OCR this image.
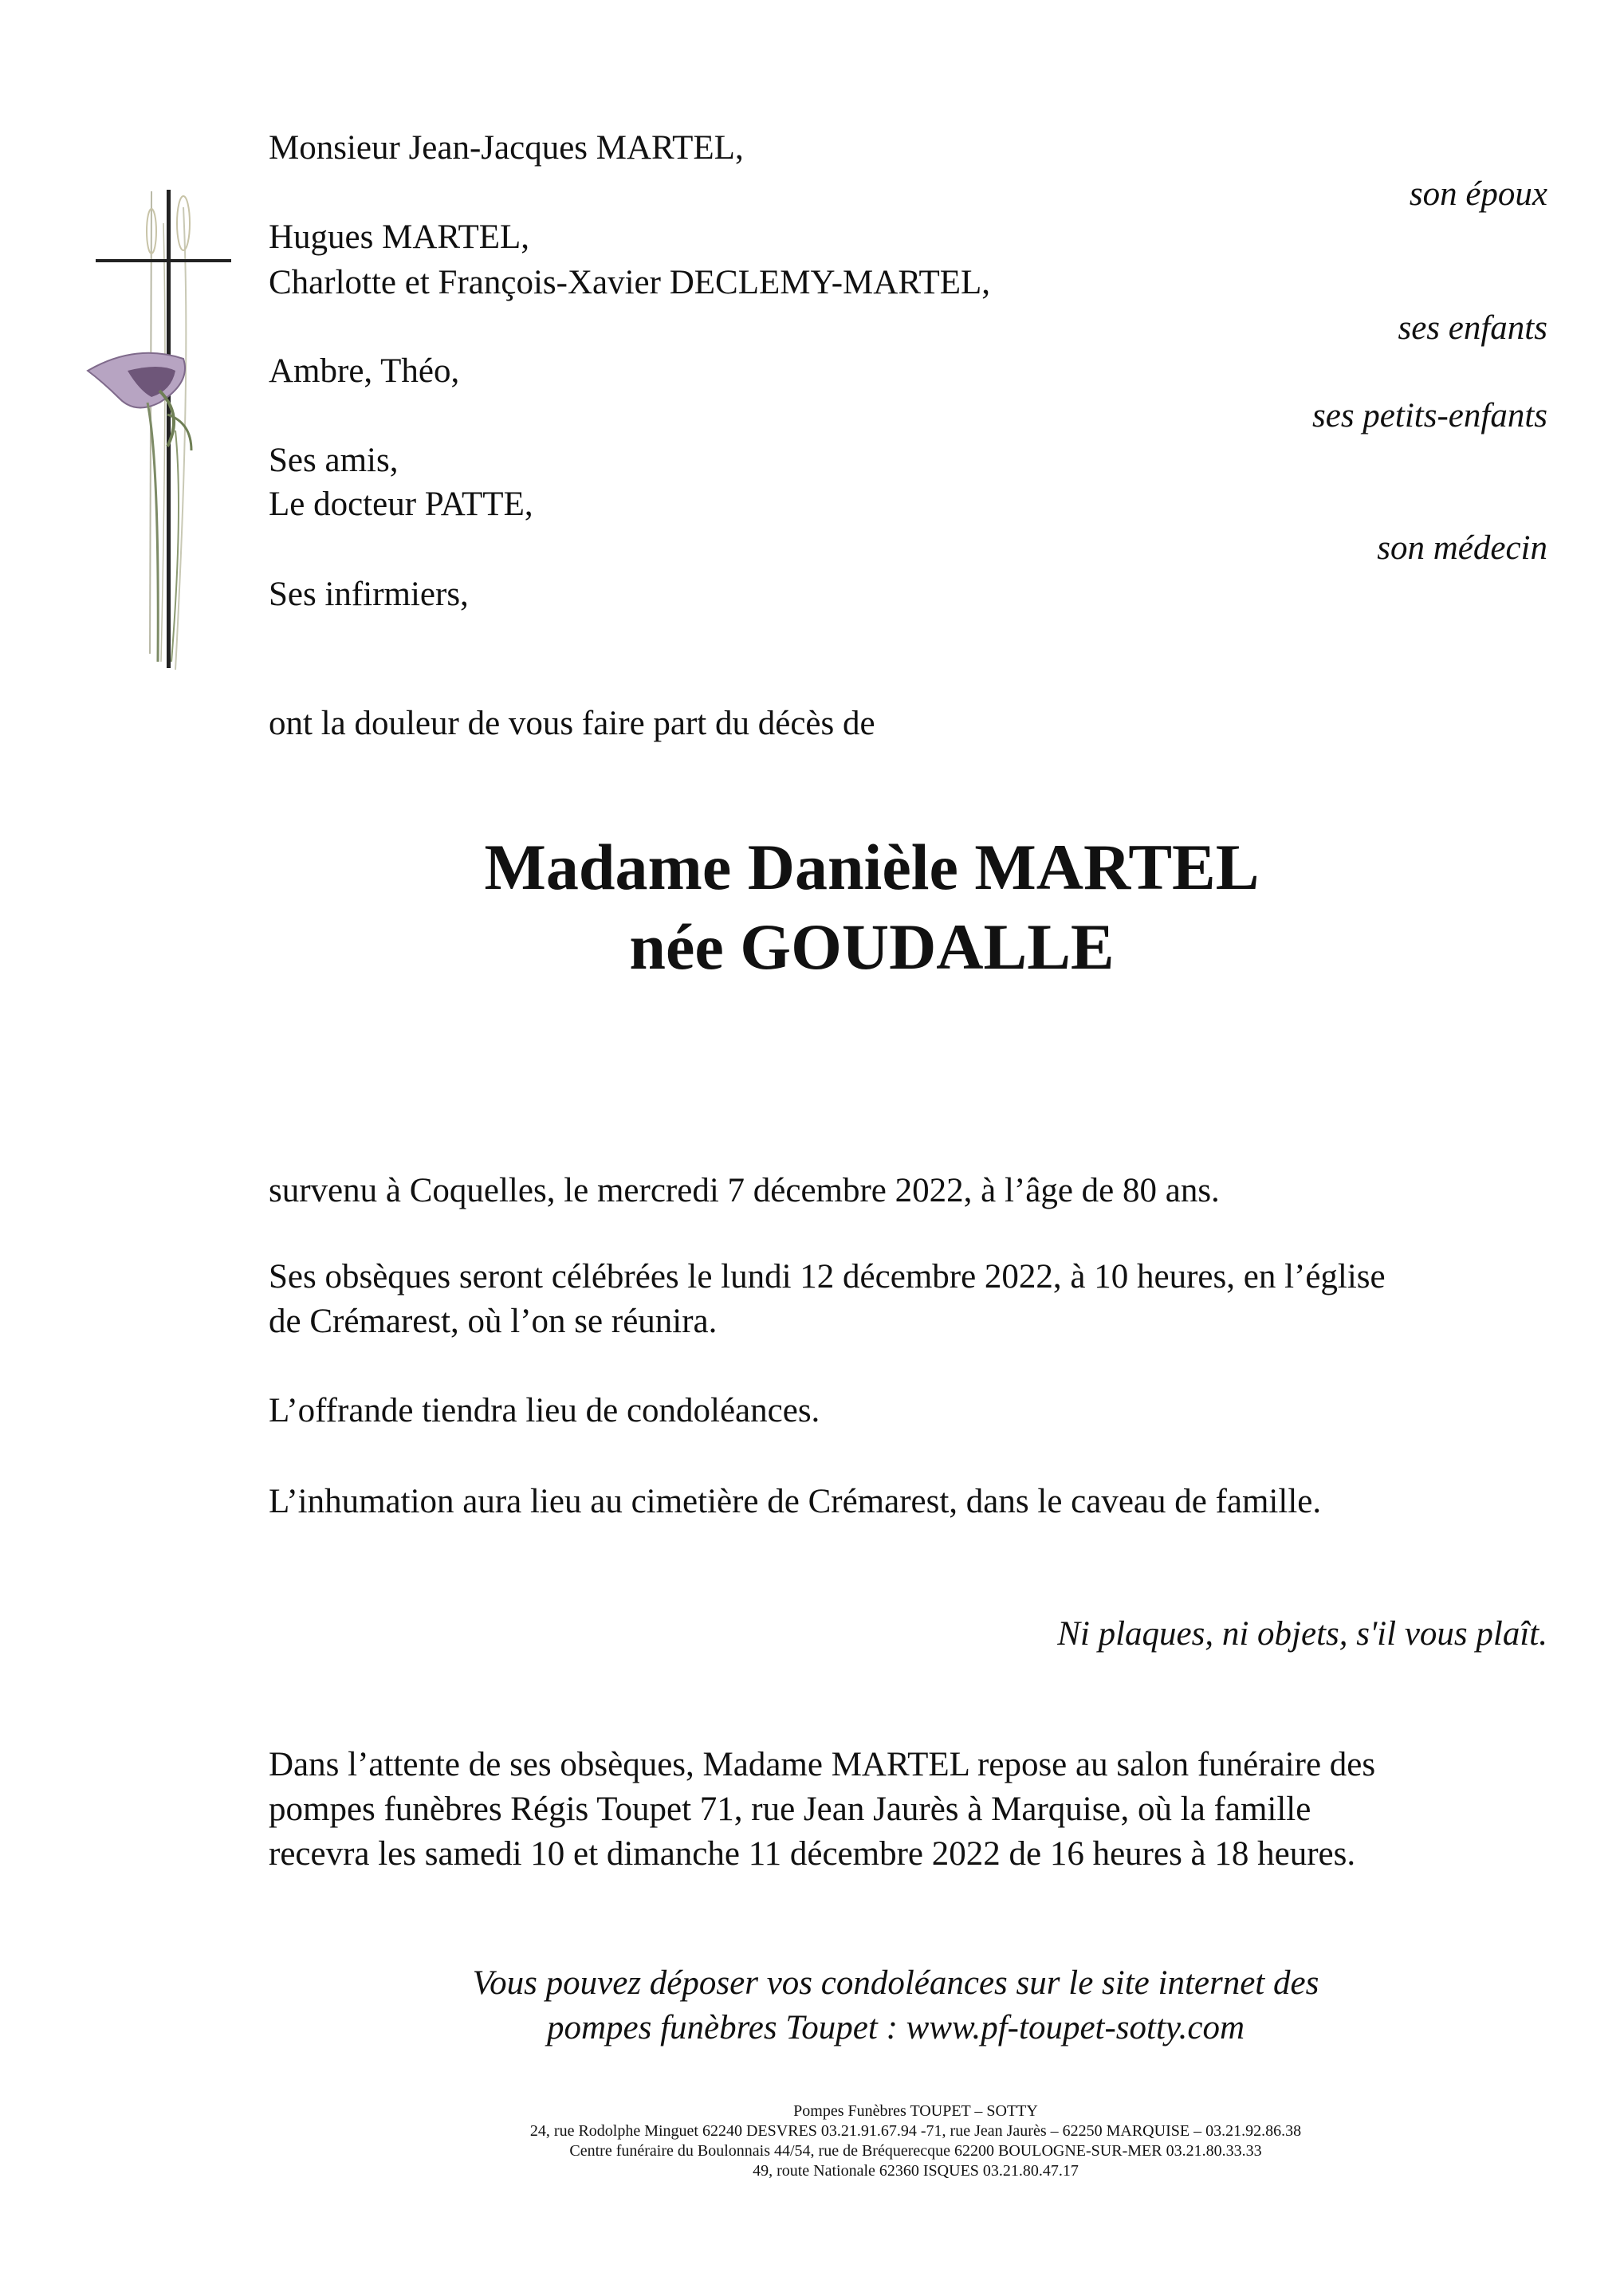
Monsieur Jean-Jacques MARTEL,
son époux
Hugues MARTEL,
Charlotte et François-Xavier DECLEMY-MARTEL,
ses enfants
Ambre, Théo,
ses petits-enfants
Ses amis,
Le docteur PATTE,
son médecin
Ses infirmiers,
ont la douleur de vous faire part du décès de
Madame Danièle MARTEL
née GOUDALLE
survenu à Coquelles, le mercredi 7 décembre 2022, à l’âge de 80 ans.
Ses obsèques seront célébrées le lundi 12 décembre 2022, à 10 heures, en l’église
de Crémarest, où l’on se réunira.
L’offrande tiendra lieu de condoléances.
L’inhumation aura lieu au cimetière de Crémarest, dans le caveau de famille.
Ni plaques, ni objets, s'il vous plaît.
Dans l’attente de ses obsèques, Madame MARTEL repose au salon funéraire des
pompes funèbres Régis Toupet 71, rue Jean Jaurès à Marquise, où la famille
recevra les samedi 10 et dimanche 11 décembre 2022 de 16 heures à 18 heures.
Vous pouvez déposer vos condoléances sur le site internet des
pompes funèbres Toupet : www.pf-toupet-sotty.com
Pompes Funèbres TOUPET – SOTTY
24, rue Rodolphe Minguet 62240 DESVRES 03.21.91.67.94 -71, rue Jean Jaurès – 62250 MARQUISE – 03.21.92.86.38
Centre funéraire du Boulonnais 44/54, rue de Bréquerecque 62200 BOULOGNE-SUR-MER 03.21.80.33.33
49, route Nationale 62360 ISQUES 03.21.80.47.17
